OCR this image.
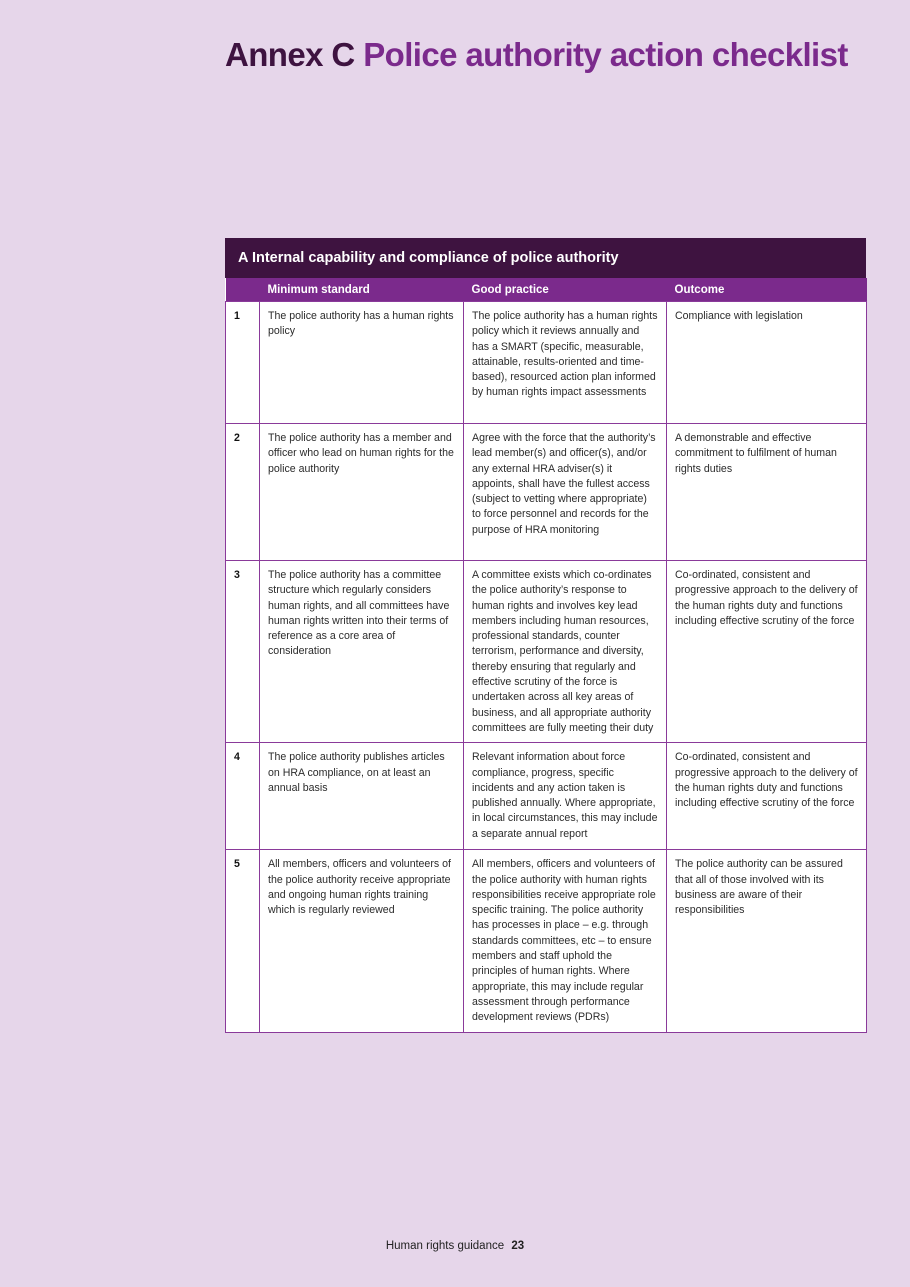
Annex C Police authority action checklist
A Internal capability and compliance of police authority
	Minimum standard	Good practice	Outcome
1	The police authority has a human rights policy	The police authority has a human rights policy which it reviews annually and has a SMART (specific, measurable, attainable, results-oriented and time-based), resourced action plan informed by human rights impact assessments	Compliance with legislation
2	The police authority has a member and officer who lead on human rights for the police authority	Agree with the force that the authority’s lead member(s) and officer(s), and/or any external HRA adviser(s) it appoints, shall have the fullest access (subject to vetting where appropriate) to force personnel and records for the purpose of HRA monitoring	A demonstrable and effective commitment to fulfilment of human rights duties
3	The police authority has a committee structure which regularly considers human rights, and all committees have human rights written into their terms of reference as a core area of consideration	A committee exists which co-ordinates the police authority’s response to human rights and involves key lead members including human resources, professional standards, counter terrorism, performance and diversity, thereby ensuring that regularly and effective scrutiny of the force is undertaken across all key areas of business, and all appropriate authority committees are fully meeting their duty	Co-ordinated, consistent and progressive approach to the delivery of the human rights duty and functions including effective scrutiny of the force
4	The police authority publishes articles on HRA compliance, on at least an annual basis	Relevant information about force compliance, progress, specific incidents and any action taken is published annually. Where appropriate, in local circumstances, this may include a separate annual report	Co-ordinated, consistent and progressive approach to the delivery of the human rights duty and functions including effective scrutiny of the force
5	All members, officers and volunteers of the police authority receive appropriate and ongoing human rights training which is regularly reviewed	All members, officers and volunteers of the police authority with human rights responsibilities receive appropriate role specific training. The police authority has processes in place – e.g. through standards committees, etc – to ensure members and staff uphold the principles of human rights. Where appropriate, this may include regular assessment through performance development reviews (PDRs)	The police authority can be assured that all of those involved with its business are aware of their responsibilities
Human rights guidance 23
